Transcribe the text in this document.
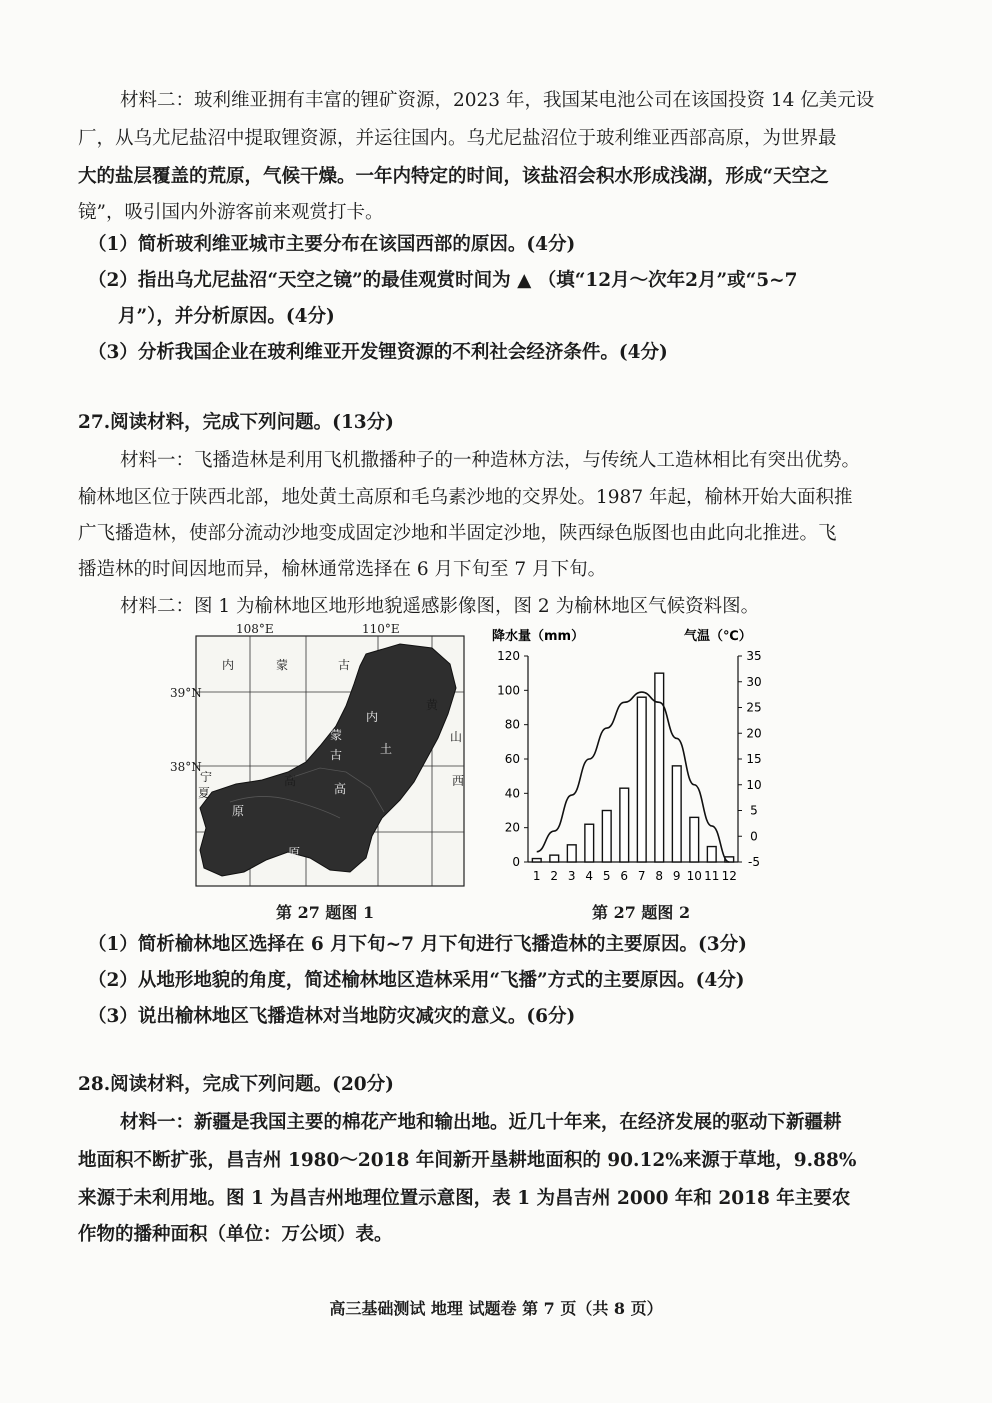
材料二：玻利维亚拥有丰富的锂矿资源，2023 年，我国某电池公司在该国投资 14 亿美元设
厂，从乌尤尼盐沼中提取锂资源，并运往国内。乌尤尼盐沼位于玻利维亚西部高原，为世界最
大的盐层覆盖的荒原，气候干燥。一年内特定的时间，该盐沼会积水形成浅湖，形成“天空之
镜”，吸引国内外游客前来观赏打卡。
（1）简析玻利维亚城市主要分布在该国西部的原因。(4分)
（2）指出乌尤尼盐沼“天空之镜”的最佳观赏时间为 ▲ （填“12月～次年2月”或“5~7
月”），并分析原因。(4分)
（3）分析我国企业在玻利维亚开发锂资源的不利社会经济条件。(4分)
27.阅读材料，完成下列问题。(13分)
材料一：飞播造林是利用飞机撒播种子的一种造林方法，与传统人工造林相比有突出优势。
榆林地区位于陕西北部，地处黄土高原和毛乌素沙地的交界处。1987 年起，榆林开始大面积推
广飞播造林，使部分流动沙地变成固定沙地和半固定沙地，陕西绿色版图也由此向北推进。飞
播造林的时间因地而异，榆林通常选择在 6 月下旬至 7 月下旬。
材料二：图 1 为榆林地区地形地貌遥感影像图，图 2 为榆林地区气候资料图。
108°E	110°E
39°N
38°N
内	蒙	古
内
蒙
古
黄
土
山
高
高
原
原
西
宁
夏
第 27 题图 1
降水量（mm）	气温（℃）
0
20
40
60
80
100
120
-5
0
5
10
15
20
25
30
35
1 2 3 4 5 6 7 8 9 10 11 12
第 27 题图 2
（1）简析榆林地区选择在 6 月下旬~7 月下旬进行飞播造林的主要原因。(3分)
（2）从地形地貌的角度，简述榆林地区造林采用“飞播”方式的主要原因。(4分)
（3）说出榆林地区飞播造林对当地防灾减灾的意义。(6分)
28.阅读材料，完成下列问题。(20分)
材料一：新疆是我国主要的棉花产地和输出地。近几十年来，在经济发展的驱动下新疆耕
地面积不断扩张，昌吉州 1980～2018 年间新开垦耕地面积的 90.12%来源于草地，9.88%
来源于未利用地。图 1 为昌吉州地理位置示意图，表 1 为昌吉州 2000 年和 2018 年主要农
作物的播种面积（单位：万公顷）表。
高三基础测试 地理 试题卷 第 7 页（共 8 页）
